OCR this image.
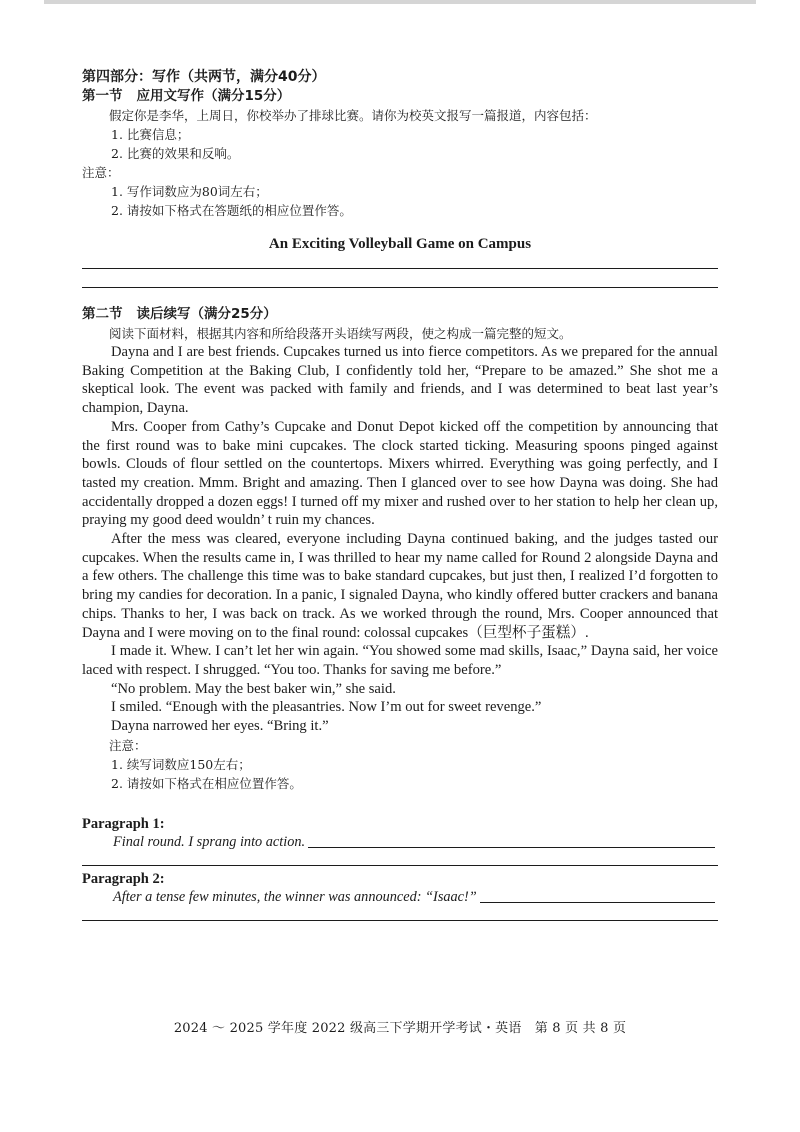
第四部分：写作（共两节，满分40分）
第一节 应用文写作（满分15分）

假定你是李华，上周日，你校举办了排球比赛。请你为校英文报写一篇报道，内容包括：

1. 比赛信息；

2. 比赛的效果和反响。

注意：

1. 写作词数应为80词左右；

2. 请按如下格式在答题纸的相应位置作答。

An Exciting Volleyball Game on Campus
第二节 读后续写（满分25分）

阅读下面材料，根据其内容和所给段落开头语续写两段，使之构成一篇完整的短文。

Dayna and I are best friends. Cupcakes turned us into fierce competitors. As we prepared for the annual Baking Competition at the Baking Club, I confidently told her, “Prepare to be amazed.” She shot me a skeptical look. The event was packed with family and friends, and I was determined to beat last year’s champion, Dayna.

Mrs. Cooper from Cathy’s Cupcake and Donut Depot kicked off the competition by announcing that the first round was to bake mini cupcakes. The clock started ticking. Measuring spoons pinged against bowls. Clouds of flour settled on the countertops. Mixers whirred. Everything was going perfectly, and I tasted my creation. Mmm. Bright and amazing. Then I glanced over to see how Dayna was doing. She had accidentally dropped a dozen eggs! I turned off my mixer and rushed over to her station to help her clean up, praying my good deed wouldn’ t ruin my chances.

After the mess was cleared, everyone including Dayna continued baking, and the judges tasted our cupcakes. When the results came in, I was thrilled to hear my name called for Round 2 alongside Dayna and a few others. The challenge this time was to bake standard cupcakes, but just then, I realized I’d forgotten to bring my candies for decoration. In a panic, I signaled Dayna, who kindly offered butter crackers and banana chips. Thanks to her, I was back on track. As we worked through the round, Mrs. Cooper announced that Dayna and I were moving on to the final round: colossal cupcakes（巨型杯子蛋糕）.

I made it. Whew. I can’t let her win again. “You showed some mad skills, Isaac,” Dayna said, her voice laced with respect. I shrugged. “You too. Thanks for saving me before.”

“No problem. May the best baker win,” she said.

I smiled. “Enough with the pleasantries. Now I’m out for sweet revenge.”

Dayna narrowed her eyes. “Bring it.”

注意：

1. 续写词数应150左右；

2. 请按如下格式在相应位置作答。

Paragraph 1:
Final round. I sprang into action.
Paragraph 2:
After a tense few minutes, the winner was announced: “Isaac!”
2024 ～ 2025 学年度 2022 级高三下学期开学考试・英语　第 8 页 共 8 页
